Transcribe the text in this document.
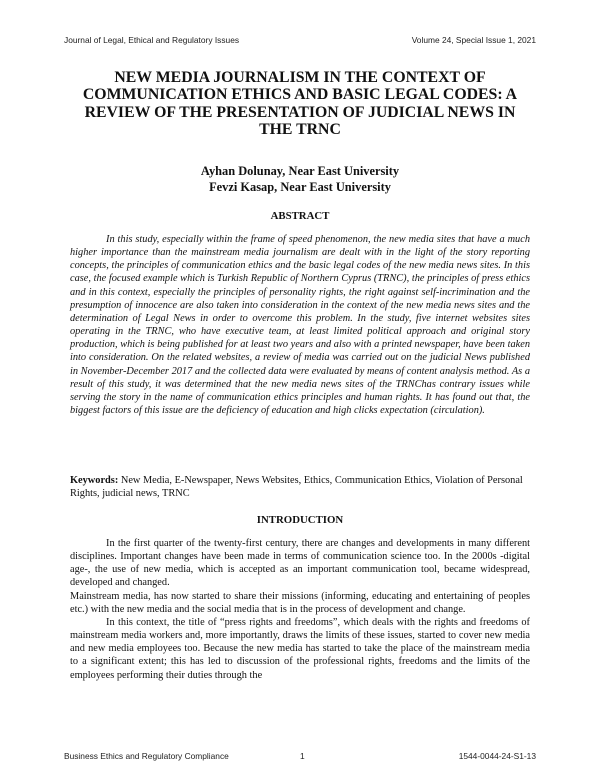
Journal of Legal, Ethical and Regulatory Issues	Volume 24, Special Issue 1, 2021
NEW MEDIA JOURNALISM IN THE CONTEXT OF COMMUNICATION ETHICS AND BASIC LEGAL CODES: A REVIEW OF THE PRESENTATION OF JUDICIAL NEWS IN THE TRNC
Ayhan Dolunay, Near East University
Fevzi Kasap, Near East University
ABSTRACT

In this study, especially within the frame of speed phenomenon, the new media sites that have a much higher importance than the mainstream media journalism are dealt with in the light of the story reporting concepts, the principles of communication ethics and the basic legal codes of the new media news sites. In this case, the focused example which is Turkish Republic of Northern Cyprus (TRNC), the principles of press ethics and in this context, especially the principles of personality rights, the right against self-incrimination and the presumption of innocence are also taken into consideration in the context of the new media news sites and the determination of Legal News in order to overcome this problem. In the study, five internet websites sites operating in the TRNC, who have executive team, at least limited political approach and original story production, which is being published for at least two years and also with a printed newspaper, have been taken into consideration. On the related websites, a review of media was carried out on the judicial News published in November-December 2017 and the collected data were evaluated by means of content analysis method. As a result of this study, it was determined that the new media news sites of the TRNChas contrary issues while serving the story in the name of communication ethics principles and human rights. It has found out that, the biggest factors of this issue are the deficiency of education and high clicks expectation (circulation).

Keywords: New Media, E-Newspaper, News Websites, Ethics, Communication Ethics, Violation of Personal Rights, judicial news, TRNC

INTRODUCTION

In the first quarter of the twenty-first century, there are changes and developments in many different disciplines. Important changes have been made in terms of communication science too. In the 2000s -digital age-, the use of new media, which is accepted as an important communication tool, became widespread, developed and changed.

Mainstream media, has now started to share their missions (informing, educating and entertaining of peoples etc.) with the new media and the social media that is in the process of development and change.

In this context, the title of “press rights and freedoms”, which deals with the rights and freedoms of mainstream media workers and, more importantly, draws the limits of these issues, started to cover new media and new media employees too. Because the new media has started to take the place of the mainstream media to a significant extent; this has led to discussion of the professional rights, freedoms and the limits of the employees performing their duties through the

Business Ethics and Regulatory Compliance	1	1544-0044-24-S1-13
